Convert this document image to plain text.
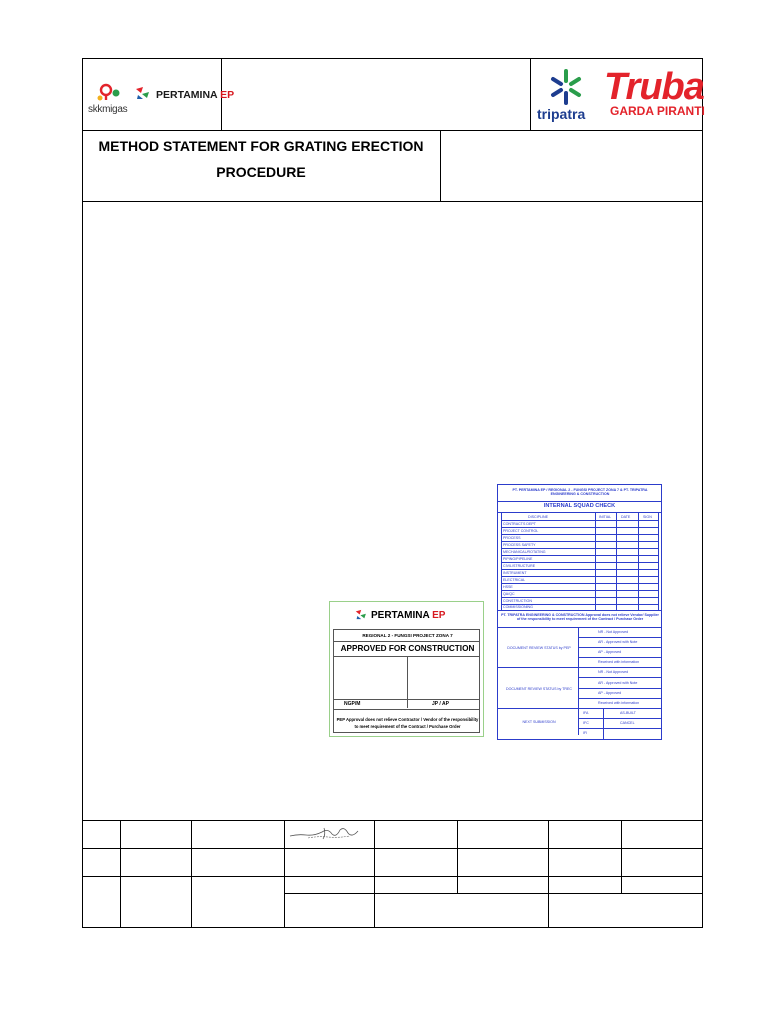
skkmigas
PERTAMINA EP
tripatra
Truba
GARDA PIRANTI
METHOD STATEMENT FOR GRATING ERECTION
PROCEDURE
PERTAMINA EP
REGIONAL 2 - FUNGSI PROJECT ZONA 7
APPROVED FOR CONSTRUCTION
NGP/M	JP / AP
PEP Approval does not relieve Contractor / Vendor of the responsibility to meet requirement of the Contract / Purchase Order
PT. PERTAMINA EP / REGIONAL 2 - FUNGSI PROJECT ZONA 7 & PT. TRIPATRA ENGINEERING & CONSTRUCTION
INTERNAL SQUAD CHECK
DISCIPLINE	INITIAL	DATE	SIGN
CONTRACTS DEPT
PROJECT CONTROL
PROCESS
PROCESS SAFETY
MECHANICAL/ROTATING
PIPING/PIPELINE
CIVIL/STRUCTURE
INSTRUMENT
ELECTRICAL
HSSE
QA/QC
CONSTRUCTION
COMMISSIONING
PT. TRIPATRA ENGINEERING & CONSTRUCTION Approval does not relieve Vendor/ Supplier of the responsibility to meet requirement of the Contract / Purchase Order
DOCUMENT REVIEW STATUS by PEP
NR - Not Approved
AR - Approved with Note
AP - Approved
Received with information
DOCUMENT REVIEW STATUS by TREC
NR - Not Approved
AR - Approved with Note
AP - Approved
Received with information
NEXT SUBMISSION
IFA	AS-BUILT
IFC	CANCEL
IFI
